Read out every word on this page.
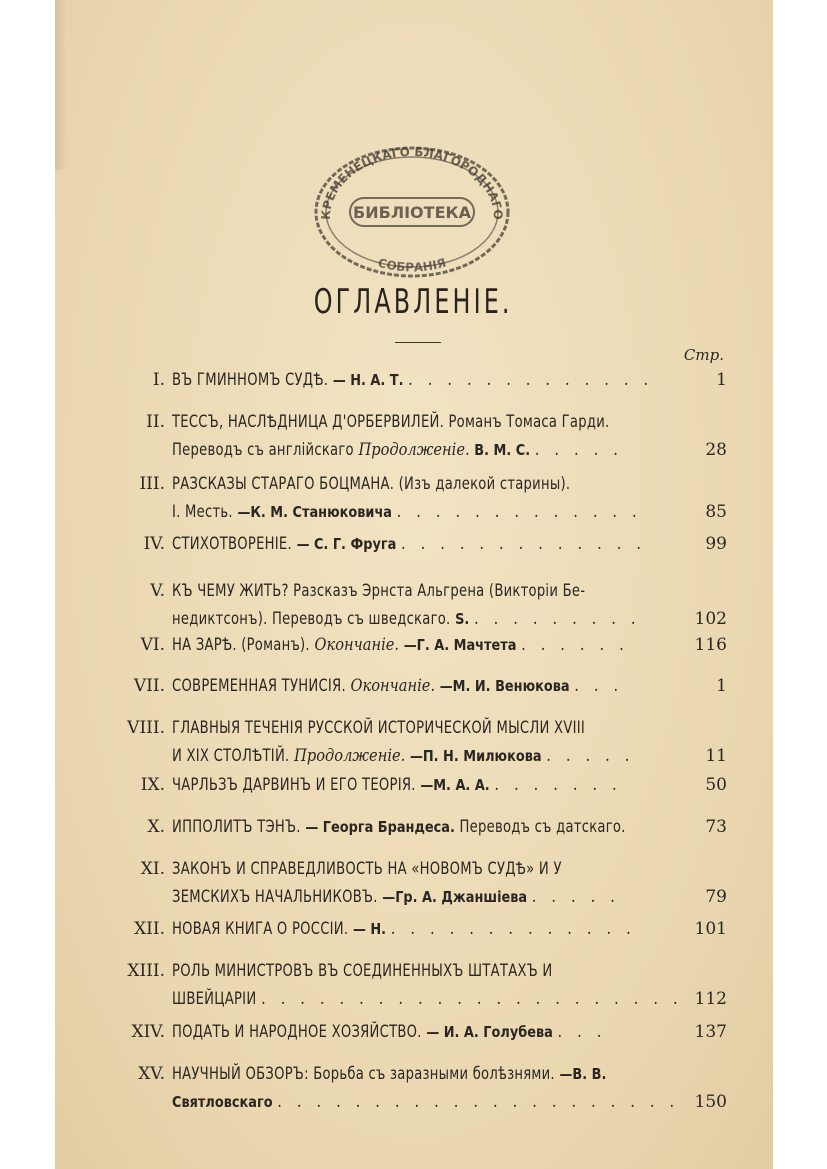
КРЕМЕНЕЦКАГО БЛАГОРОДНАГО
БИБЛІОТЕКА
СОБРАНІЯ
ОГЛАВЛЕНІЕ.
Стр.
I. ВЪ ГМИННОМЪ СУДѢ. — Н. А. Т. . . . . . . . . . . . . .	1
II. ТЕССЪ, НАСЛѢДНИЦА Д'ОРБЕРВИЛЕЙ. Романъ Томаса Гарди.
Переводъ съ англійскаго Продолженіе. В. М. С. . . . . .	28
III. РАЗСКАЗЫ СТАРАГО БОЦМАНА. (Изъ далекой старины).
I. Месть. —К. М. Станюковича . . . . . . . . . . . . .	85
IV. СТИХОТВОРЕНІЕ. — С. Г. Фруга . . . . . . . . . . . . .	99
V. КЪ ЧЕМУ ЖИТЬ? Разсказъ Эрнста Альгрена (Викторіи Бе-
недиктсонъ). Переводъ съ шведскаго. S. . . . . . . . . .	102
VI. НА ЗАРѢ. (Романъ). Окончаніе. —Г. А. Мачтета . . . . . .	116
VII. СОВРЕМЕННАЯ ТУНИСІЯ. Окончаніе. —М. И. Венюкова . . .	1
VIII. ГЛАВНЫЯ ТЕЧЕНІЯ РУССКОЙ ИСТОРИЧЕСКОЙ МЫСЛИ XVIII
И XIX СТОЛѢТІЙ. Продолженіе. —П. Н. Милюкова . . . . .	11
IX. ЧАРЛЬЗЪ ДАРВИНЪ И ЕГО ТЕОРІЯ. —М. А. А. . . . . . . .	50
X. ИППОЛИТЪ ТЭНЪ. — Георга Брандеса. Переводъ съ датскаго.	73
XI. ЗАКОНЪ И СПРАВЕДЛИВОСТЬ НА «НОВОМЪ СУДѢ» И У
ЗЕМСКИХЪ НАЧАЛЬНИКОВЪ. —Гр. А. Джаншіева . . . . .	79
XII. НОВАЯ КНИГА О РОССІИ. — Н. . . . . . . . . . . . . .	101
XIII. РОЛЬ МИНИСТРОВЪ ВЪ СОЕДИНЕННЫХЪ ШТАТАХЪ И
ШВЕЙЦАРІИ . . . . . . . . . . . . . . . . . . . . . . 112
XIV. ПОДАТЬ И НАРОДНОЕ ХОЗЯЙСТВО. — И. А. Голубева . . .	137
XV. НАУЧНЫЙ ОБЗОРЪ: Борьба съ заразными болѣзнями. —В. В.
Святловскаго . . . . . . . . . . . . . . . . . . . . . 150
